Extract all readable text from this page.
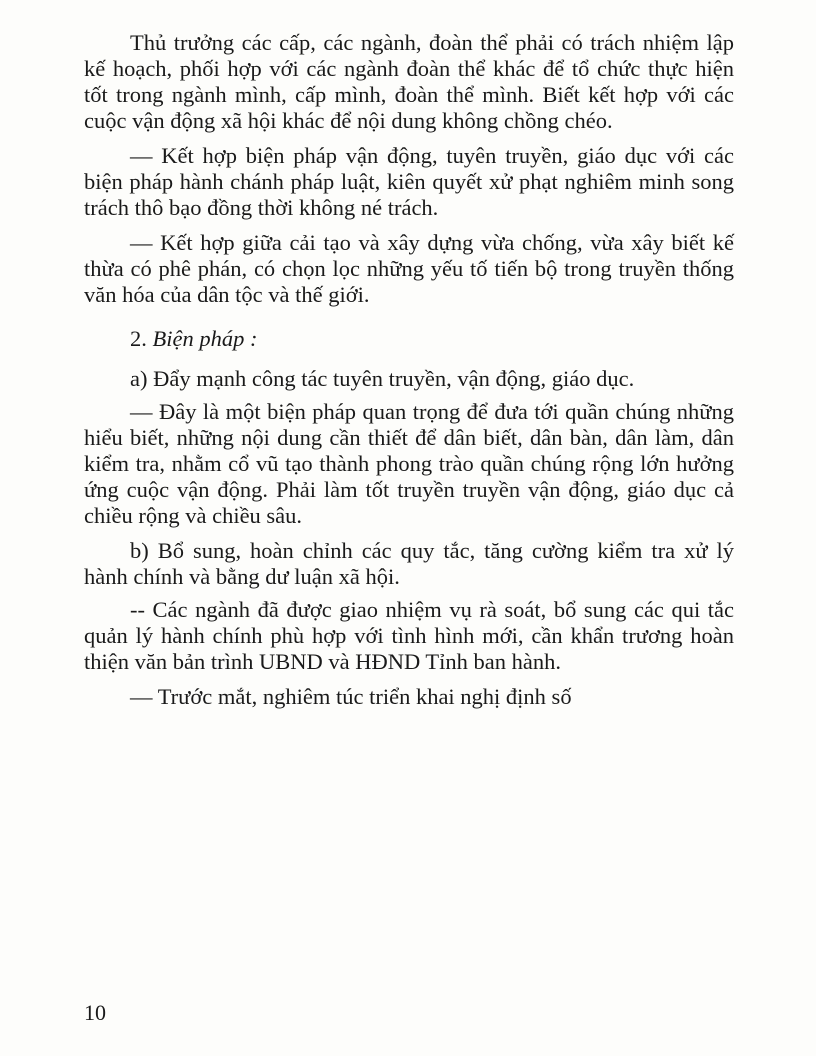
Thủ trưởng các cấp, các ngành, đoàn thể phải có trách nhiệm lập kế hoạch, phối hợp với các ngành đoàn thể khác để tổ chức thực hiện tốt trong ngành mình, cấp mình, đoàn thể mình. Biết kết hợp với các cuộc vận động xã hội khác để nội dung không chồng chéo.

— Kết hợp biện pháp vận động, tuyên truyền, giáo dục với các biện pháp hành chánh pháp luật, kiên quyết xử phạt nghiêm minh song trách thô bạo đồng thời không né trách.

— Kết hợp giữa cải tạo và xây dựng vừa chống, vừa xây biết kế thừa có phê phán, có chọn lọc những yếu tố tiến bộ trong truyền thống văn hóa của dân tộc và thế giới.

2. Biện pháp :

a) Đẩy mạnh công tác tuyên truyền, vận động, giáo dục.

— Đây là một biện pháp quan trọng để đưa tới quần chúng những hiểu biết, những nội dung cần thiết để dân biết, dân bàn, dân làm, dân kiểm tra, nhằm cổ vũ tạo thành phong trào quần chúng rộng lớn hưởng ứng cuộc vận động. Phải làm tốt truyền truyền vận động, giáo dục cả chiều rộng và chiều sâu.

b) Bổ sung, hoàn chỉnh các quy tắc, tăng cường kiểm tra xử lý hành chính và bằng dư luận xã hội.

-- Các ngành đã được giao nhiệm vụ rà soát, bổ sung các qui tắc quản lý hành chính phù hợp với tình hình mới, cần khẩn trương hoàn thiện văn bản trình UBND và HĐND Tỉnh ban hành.

— Trước mắt, nghiêm túc triển khai nghị định số

10
